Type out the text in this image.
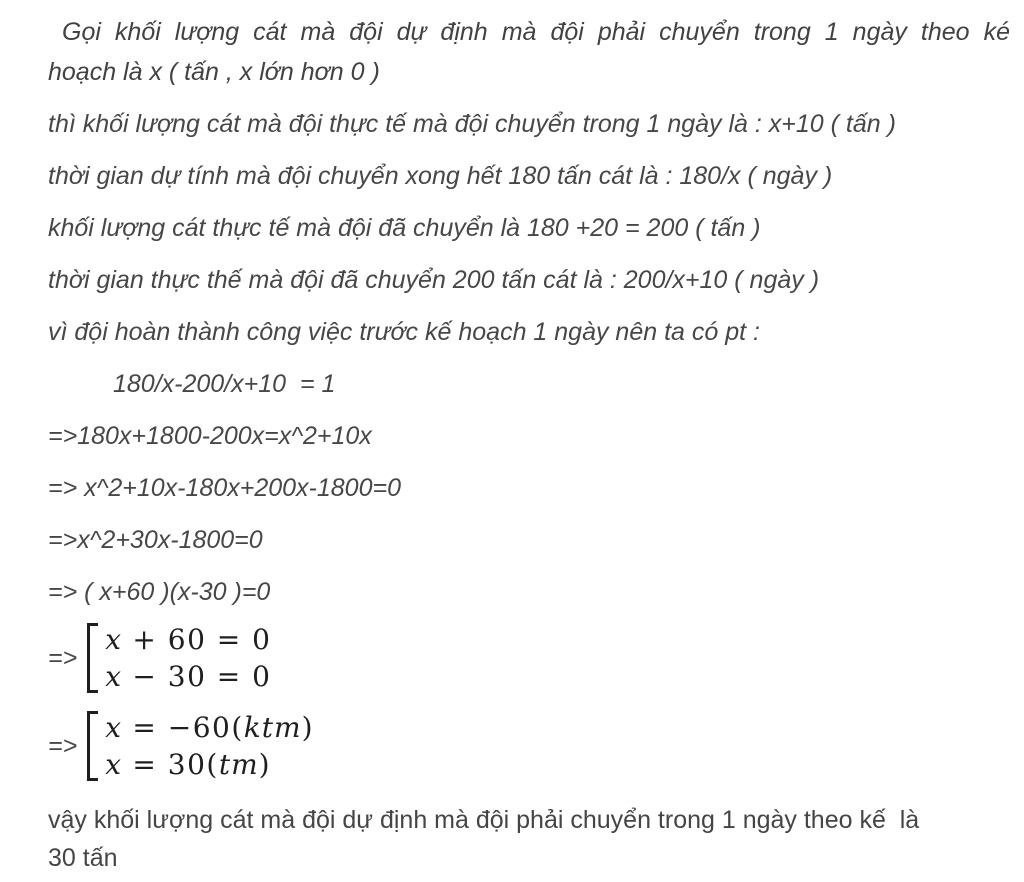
Gọi khối lượng cát mà đội dự định mà đội phải chuyển trong 1 ngày theo ké
hoạch là x ( tấn , x lớn hơn 0 )

thì khối lượng cát mà đội thực tế mà đội chuyển trong 1 ngày là : x+10 ( tấn )

thời gian dự tính mà đội chuyển xong hết 180 tấn cát là : 180/x ( ngày )

khối lượng cát thực tế mà đội đã chuyển là 180 +20 = 200 ( tấn )

thời gian thực thế mà đội đã chuyển 200 tấn cát là : 200/x+10 ( ngày )

vì đội hoàn thành công việc trước kế hoạch 1 ngày nên ta có pt :

180/x-200/x+10  = 1

=>180x+1800-200x=x^2+10x

=> x^2+10x-180x+200x-1800=0

=>x^2+30x-1800=0

=> ( x+60 )(x-30 )=0

=>
x + 60 = 0
x − 30 = 0
=>
x = −60(ktm)
x = 30(tm)

vậy khối lượng cát mà đội dự định mà đội phải chuyển trong 1 ngày theo kế  là
30 tấn
